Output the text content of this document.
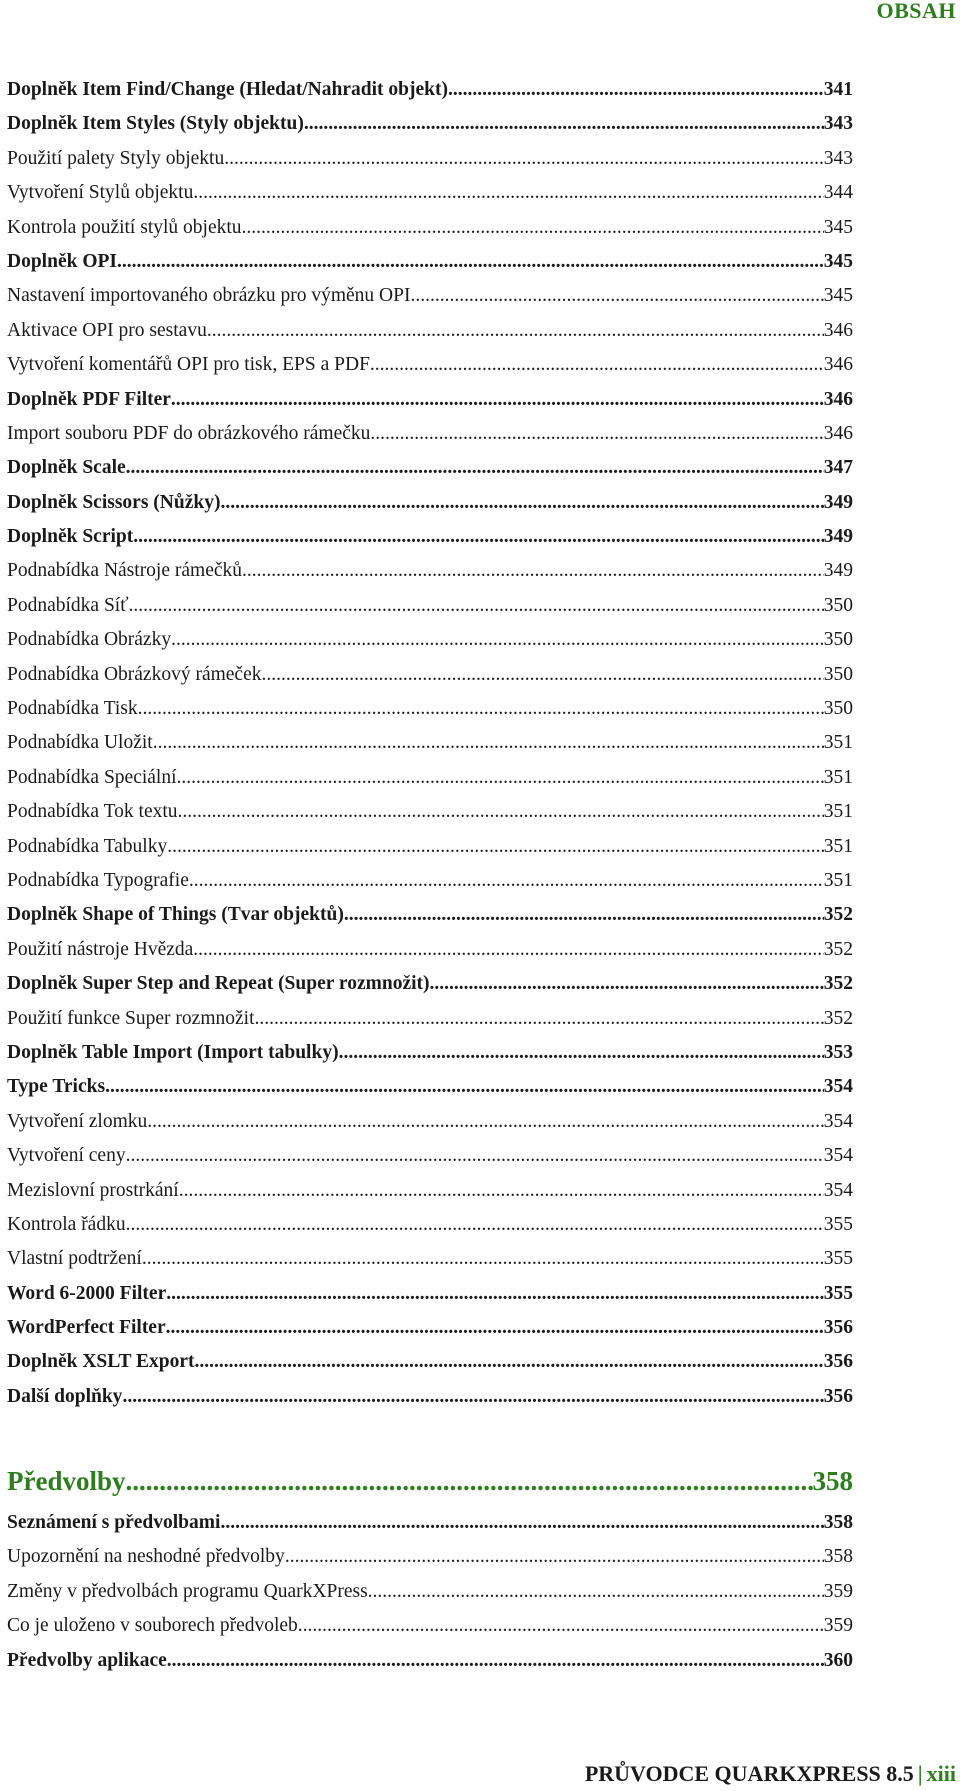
OBSAH
Doplněk Item Find/Change (Hledat/Nahradit objekt) .....	341
Doplněk Item Styles (Styly objektu) .....	343
Použití palety Styly objektu .....	343
Vytvoření Stylů objektu .....	344
Kontrola použití stylů objektu .....	345
Doplněk OPI .....	345
Nastavení importovaného obrázku pro výměnu OPI .....	345
Aktivace OPI pro sestavu .....	346
Vytvoření komentářů OPI pro tisk, EPS a PDF .....	346
Doplněk PDF Filter .....	346
Import souboru PDF do obrázkového rámečku .....	346
Doplněk Scale .....	347
Doplněk Scissors (Nůžky) .....	349
Doplněk Script .....	349
Podnabídka Nástroje rámečků .....	349
Podnabídka Síť .....	350
Podnabídka Obrázky .....	350
Podnabídka Obrázkový rámeček .....	350
Podnabídka Tisk .....	350
Podnabídka Uložit .....	351
Podnabídka Speciální .....	351
Podnabídka Tok textu .....	351
Podnabídka Tabulky .....	351
Podnabídka Typografie .....	351
Doplněk Shape of Things (Tvar objektů) .....	352
Použití nástroje Hvězda .....	352
Doplněk Super Step and Repeat (Super rozmnožit) .....	352
Použití funkce Super rozmnožit .....	352
Doplněk Table Import (Import tabulky) .....	353
Type Tricks .....	354
Vytvoření zlomku .....	354
Vytvoření ceny .....	354
Mezislovní prostrkání .....	354
Kontrola řádku .....	355
Vlastní podtržení .....	355
Word 6-2000 Filter .....	355
WordPerfect Filter .....	356
Doplněk XSLT Export .....	356
Další doplňky .....	356
Předvolby .....	358
Seznámení s předvolbami .....	358
Upozornění na neshodné předvolby .....	358
Změny v předvolbách programu QuarkXPress .....	359
Co je uloženo v souborech předvoleb .....	359
Předvolby aplikace .....	360
PRŮVODCE QUARKXPRESS 8.5 | xiii
